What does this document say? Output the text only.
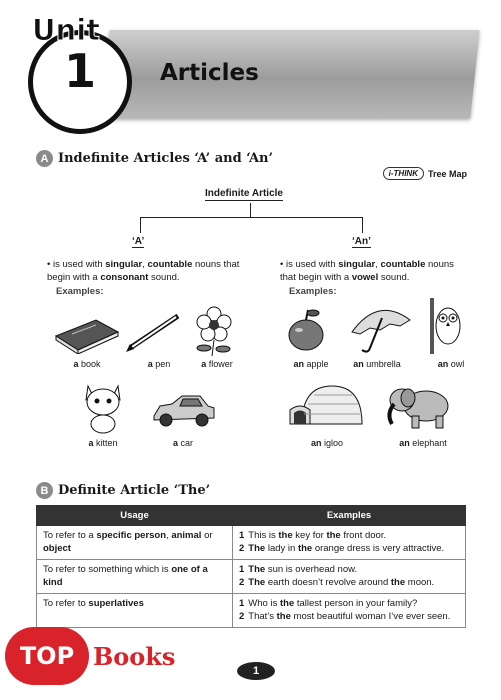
Unit
1	Articles
A Indefinite Articles ‘A’ and ‘An’
i-THINK	Tree Map
Indefinite Article
‘A’	‘An’
• is used with singular, countable nouns that begin with a consonant sound.
Examples:
• is used with singular, countable nouns that begin with a vowel sound.
Examples:
a book	a pen	a flower
a kitten	a car
an apple	an umbrella	an owl
an igloo	an elephant
B Definite Article ‘The’
Usage	Examples
To refer to a specific person, animal or object	1 This is the key for the front door.
2 The lady in the orange dress is very attractive.

To refer to something which is one of a kind	1 The sun is overhead now.
2 The earth doesn’t revolve around the moon.

To refer to superlatives	1 Who is the tallest person in your family?
2 That’s the most beautiful woman I’ve ever seen.
TOP Books
1
